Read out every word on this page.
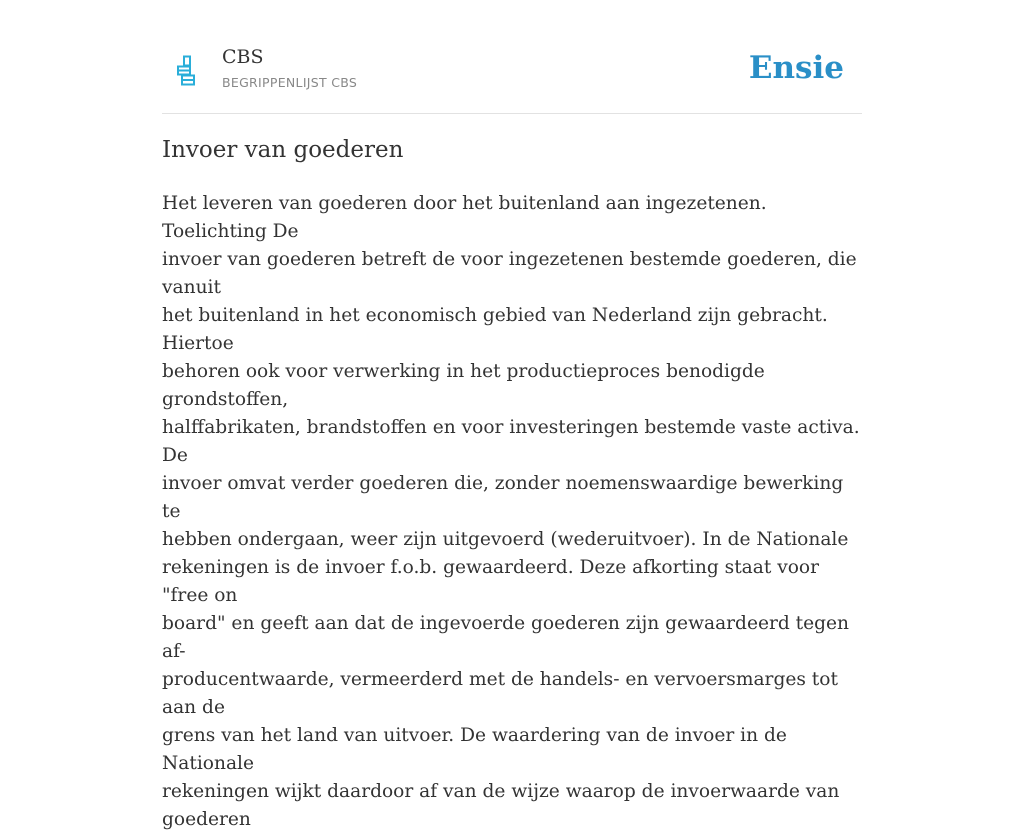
CBS
BEGRIPPENLIJST CBS	Ensie
Invoer van goederen

Het leveren van goederen door het buitenland aan ingezetenen. Toelichting De
invoer van goederen betreft de voor ingezetenen bestemde goederen, die vanuit
het buitenland in het economisch gebied van Nederland zijn gebracht. Hiertoe
behoren ook voor verwerking in het productieproces benodigde grondstoffen,
halffabrikaten, brandstoffen en voor investeringen bestemde vaste activa. De
invoer omvat verder goederen die, zonder noemenswaardige bewerking te
hebben ondergaan, weer zijn uitgevoerd (wederuitvoer). In de Nationale
rekeningen is de invoer f.o.b. gewaardeerd. Deze afkorting staat voor "free on
board" en geeft aan dat de ingevoerde goederen zijn gewaardeerd tegen af-
producentwaarde, vermeerderd met de handels- en vervoersmarges tot aan de
grens van het land van uitvoer. De waardering van de invoer in de Nationale
rekeningen wijkt daardoor af van de wijze waarop de invoerwaarde van goederen
